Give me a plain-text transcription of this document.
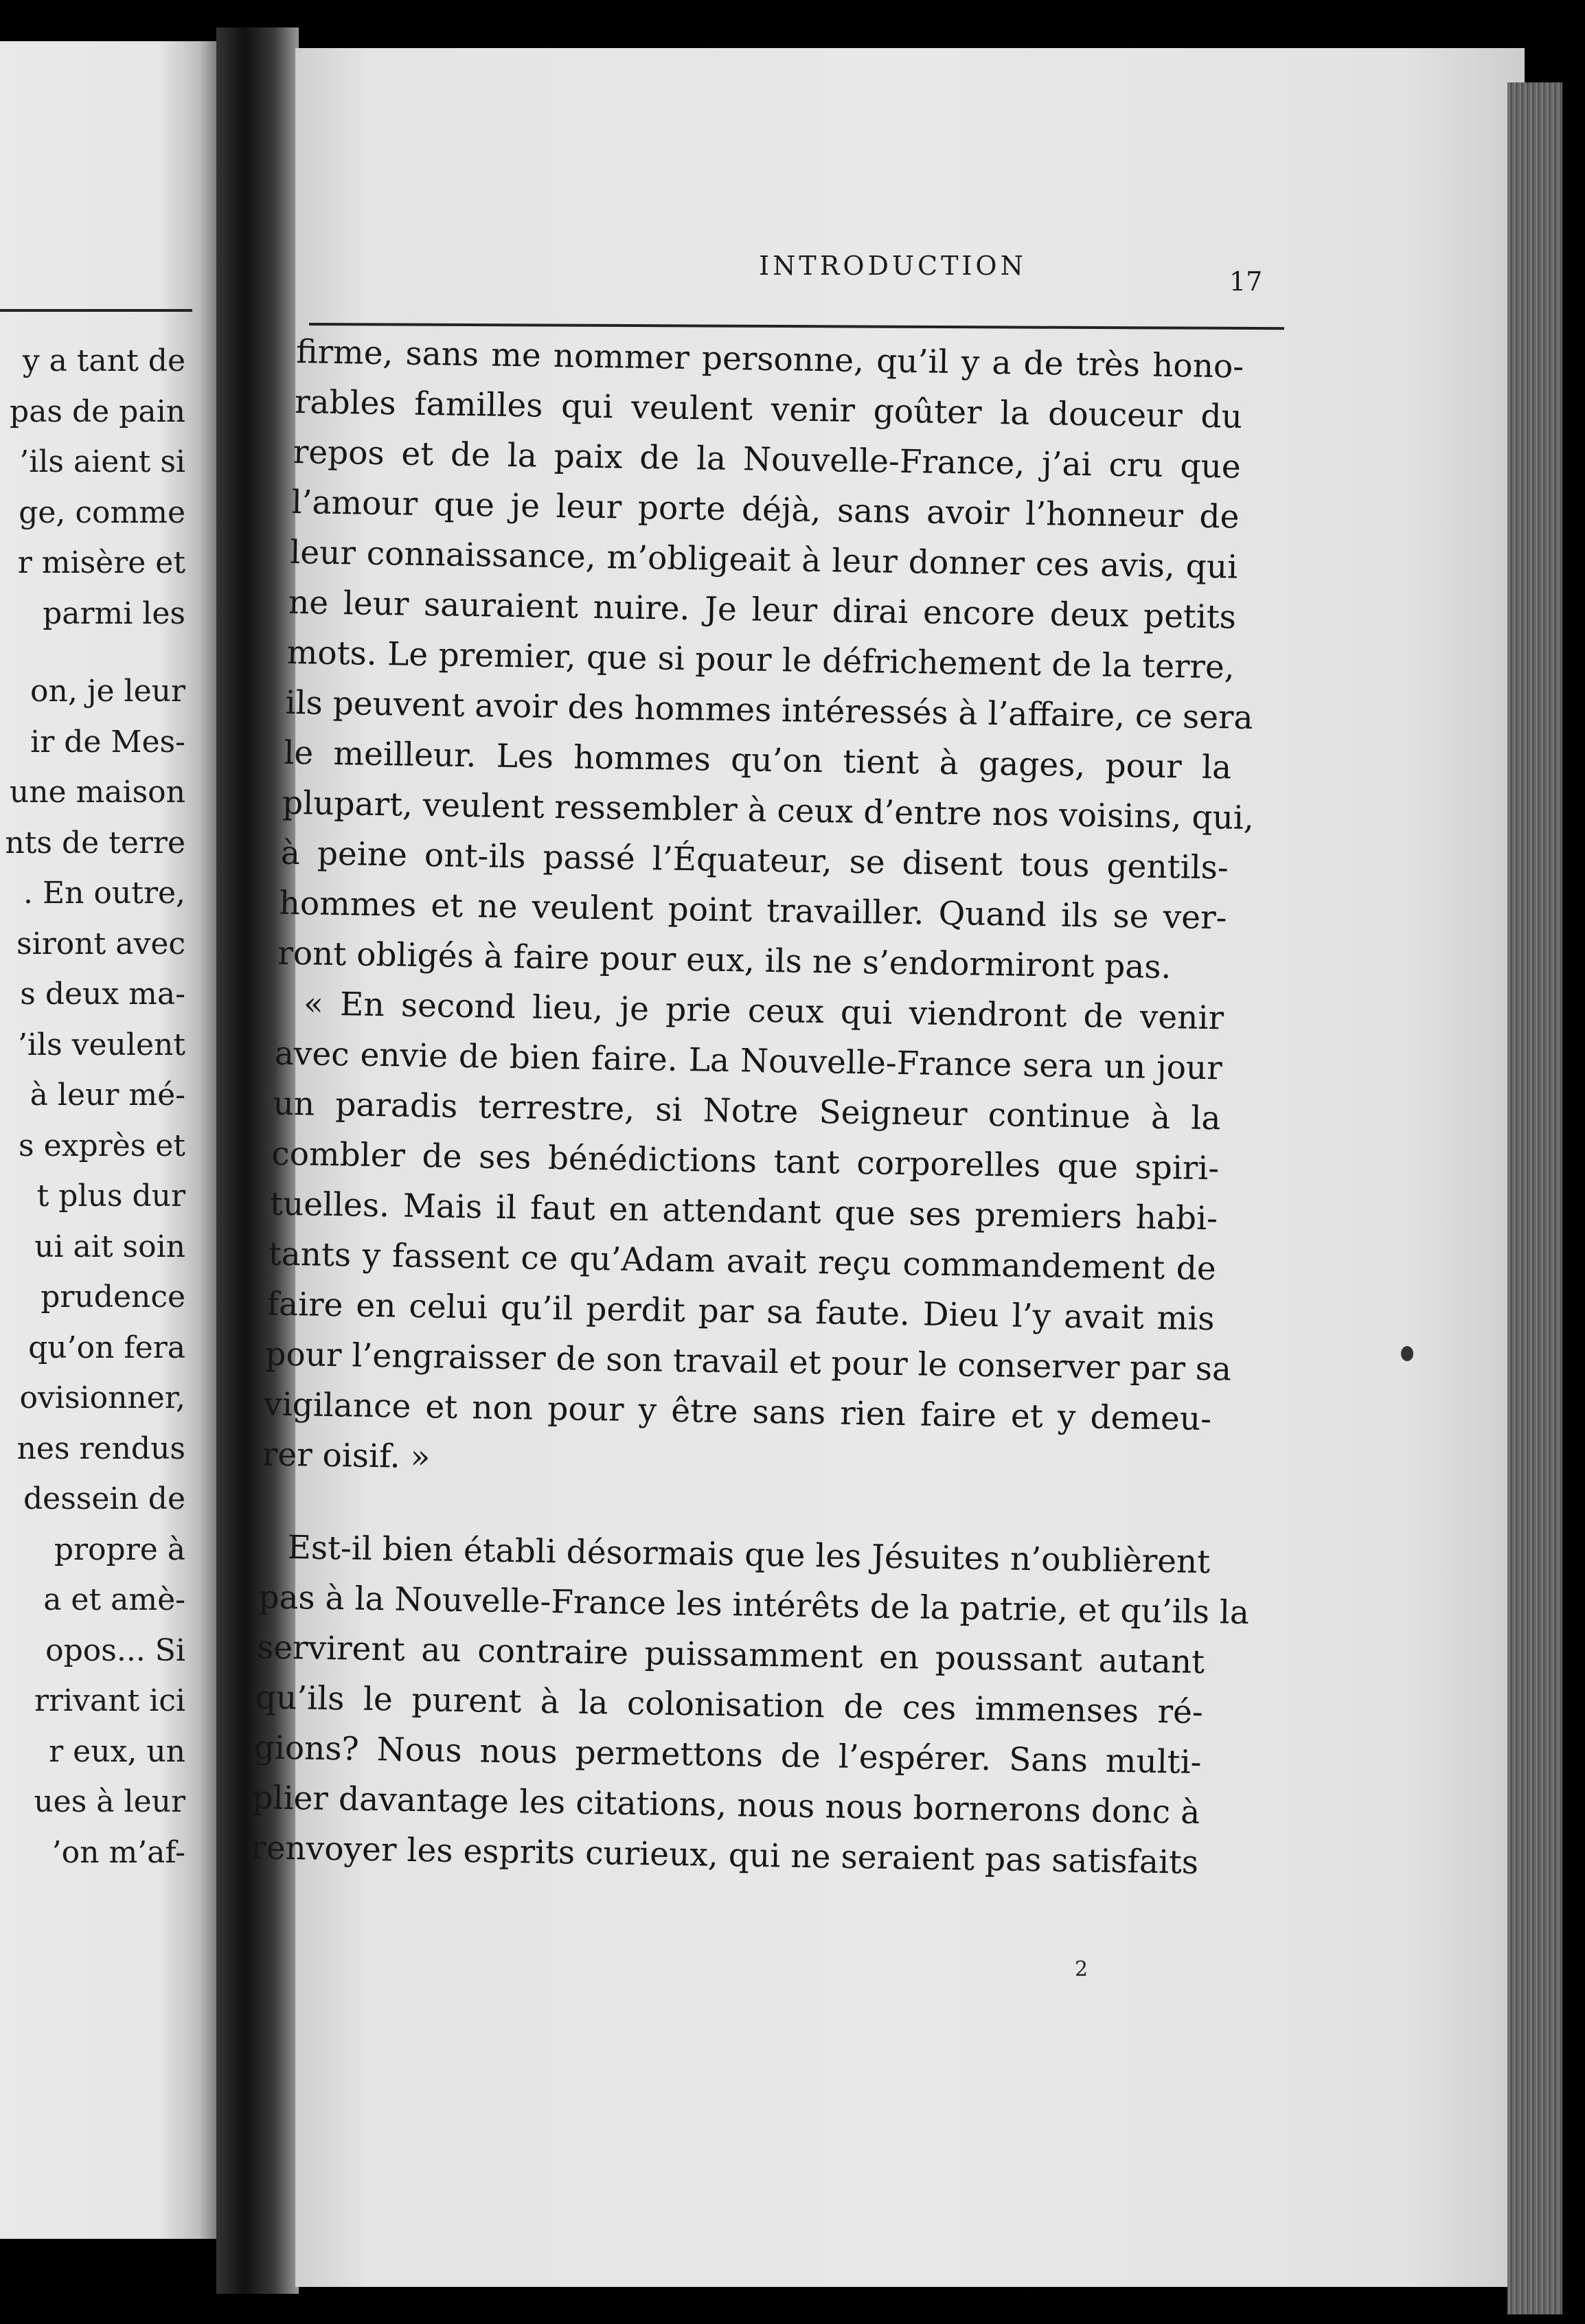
y a tant de
pas de pain
’ils aient si
ge, comme
r misère et
parmi les
on, je leur
ir de Mes-
une maison
nts de terre
. En outre,
siront avec
s deux ma-
’ils veulent
à leur mé-
s exprès et
t plus dur
ui ait soin
prudence
qu’on fera
ovisionner,
nes rendus
dessein de
propre à
a et amè-
opos... Si
rrivant ici
r eux, un
ues à leur
’on m’af-
INTRODUCTION
17
firme, sans me nommer personne, qu’il y a de très hono-
rables familles qui veulent venir goûter la douceur du
repos et de la paix de la Nouvelle-France, j’ai cru que
l’amour que je leur porte déjà, sans avoir l’honneur de
leur connaissance, m’obligeait à leur donner ces avis, qui
ne leur sauraient nuire. Je leur dirai encore deux petits
mots. Le premier, que si pour le défrichement de la terre,
ils peuvent avoir des hommes intéressés à l’affaire, ce sera
le meilleur. Les hommes qu’on tient à gages, pour la
plupart, veulent ressembler à ceux d’entre nos voisins, qui,
à peine ont-ils passé l’Équateur, se disent tous gentils-
hommes et ne veulent point travailler. Quand ils se ver-
ront obligés à faire pour eux, ils ne s’endormiront pas.
« En second lieu, je prie ceux qui viendront de venir
avec envie de bien faire. La Nouvelle-France sera un jour
un paradis terrestre, si Notre Seigneur continue à la
combler de ses bénédictions tant corporelles que spiri-
tuelles. Mais il faut en attendant que ses premiers habi-
tants y fassent ce qu’Adam avait reçu commandement de
faire en celui qu’il perdit par sa faute. Dieu l’y avait mis
pour l’engraisser de son travail et pour le conserver par sa
vigilance et non pour y être sans rien faire et y demeu-
rer oisif. »
Est-il bien établi désormais que les Jésuites n’oublièrent
pas à la Nouvelle-France les intérêts de la patrie, et qu’ils la
servirent au contraire puissamment en poussant autant
qu’ils le purent à la colonisation de ces immenses ré-
gions? Nous nous permettons de l’espérer. Sans multi-
plier davantage les citations, nous nous bornerons donc à
renvoyer les esprits curieux, qui ne seraient pas satisfaits
2
